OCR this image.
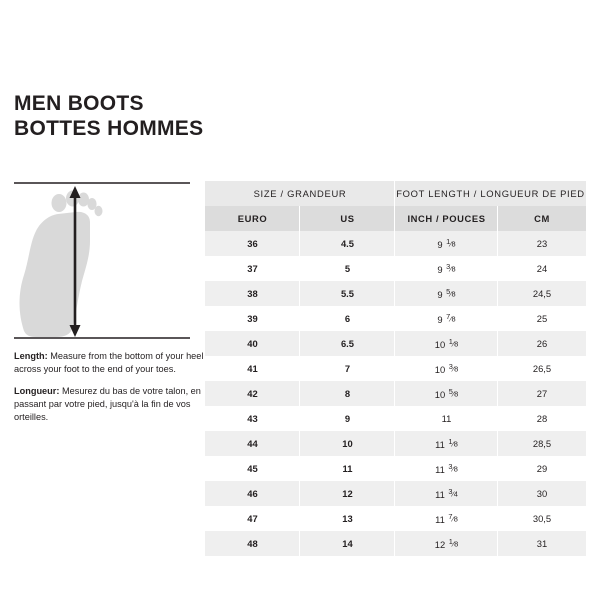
MEN BOOTS
BOTTES HOMMES
Length: Measure from the bottom of your heel across your foot to the end of your toes.
Longueur: Mesurez du bas de votre talon, en passant par votre pied, jusqu'à la fin de vos orteilles.
SIZE / GRANDEUR		FOOT LENGTH / LONGUEUR DE PIED	
EURO	US	INCH / POUCES	CM
36	4.5	9 $^1$⁄8	23
37	5	9 $^3$⁄8	24
38	5.5	9 $^5$⁄8	24,5
39	6	9 $^7$⁄8	25
40	6.5	10 $^1$⁄8	26
41	7	10 $^3$⁄8	26,5
42	8	10 $^5$⁄8	27
43	9	11	28
44	10	11 $^1$⁄8	28,5
45	11	11 $^3$⁄8	29
46	12	11 $^3$⁄4	30
47	13	11 $^7$⁄8	30,5
48	14	12 $^1$⁄8	31
